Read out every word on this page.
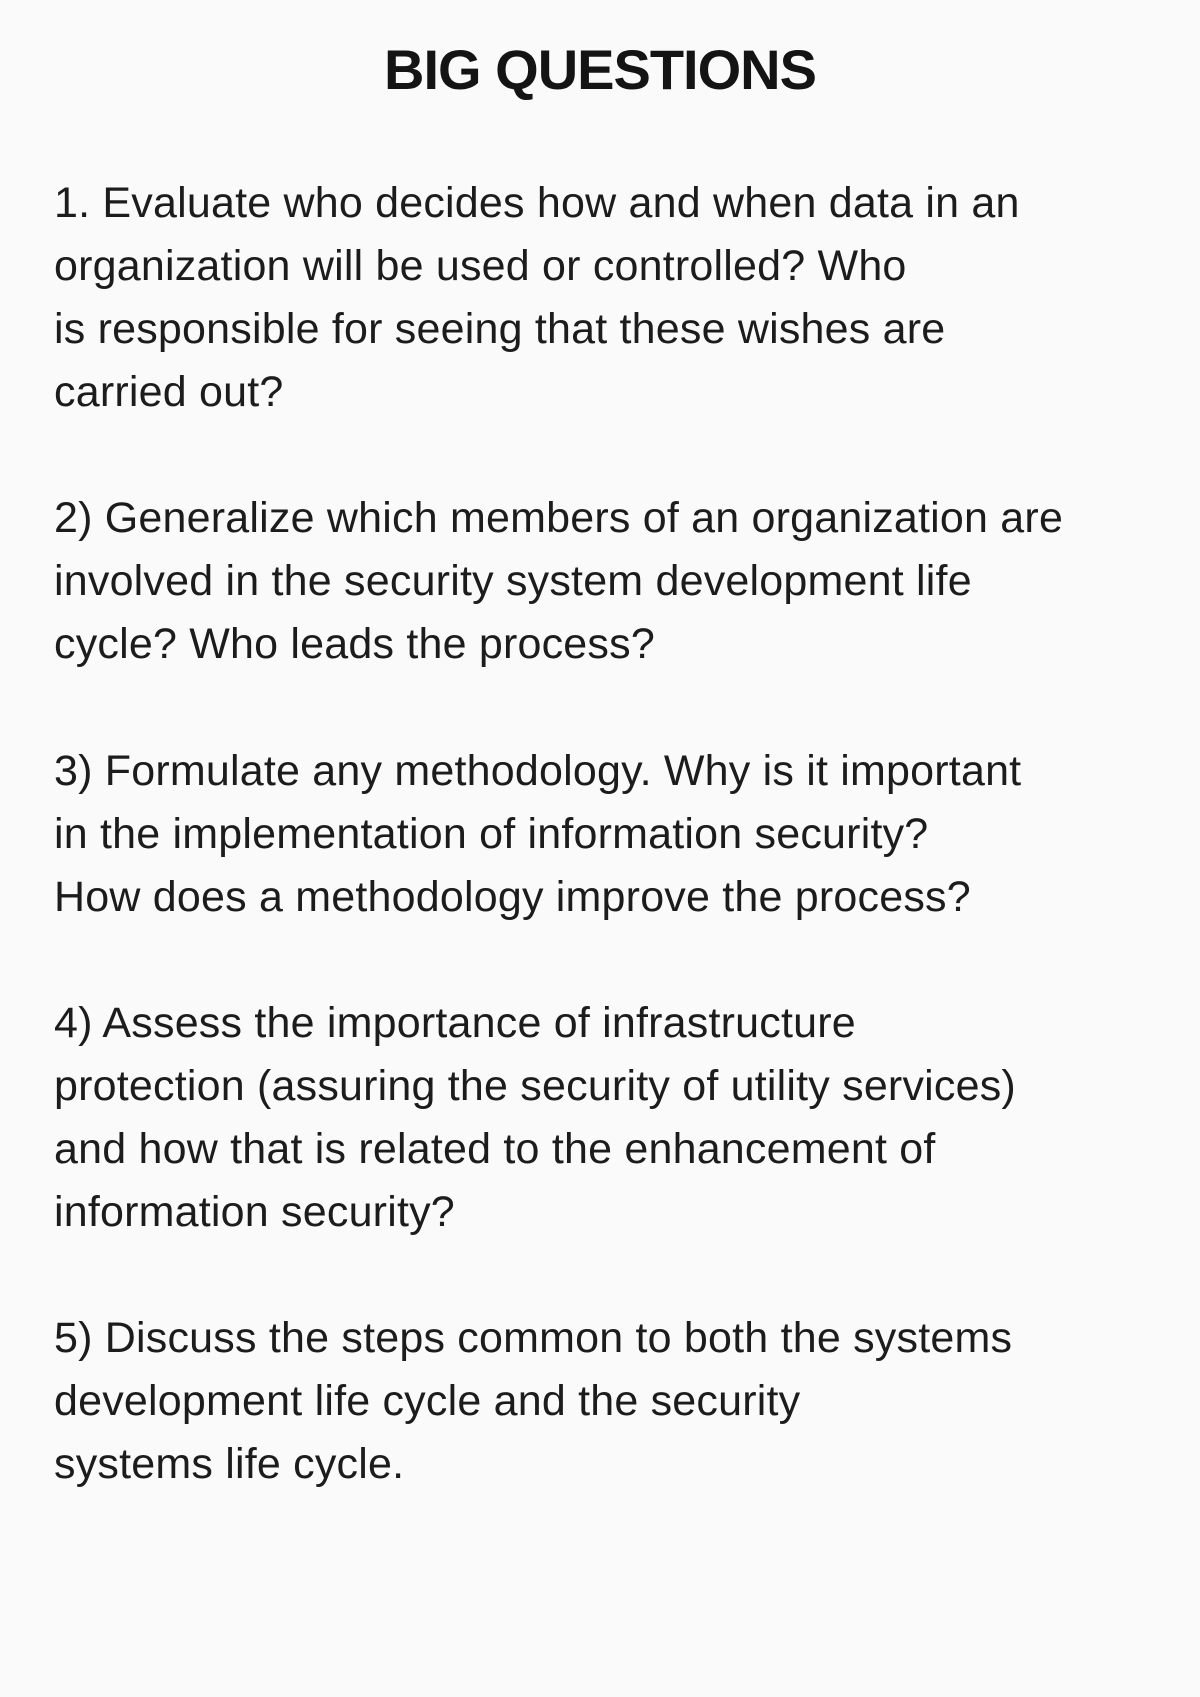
BIG QUESTIONS
1. Evaluate who decides how and when data in an
organization will be used or controlled? Who
is responsible for seeing that these wishes are
carried out?
2) Generalize which members of an organization are
involved in the security system development life
cycle? Who leads the process?
3) Formulate any methodology. Why is it important
in the implementation of information security?
How does a methodology improve the process?
4) Assess the importance of infrastructure
protection (assuring the security of utility services)
and how that is related to the enhancement of
information security?
5) Discuss the steps common to both the systems
development life cycle and the security
systems life cycle.
